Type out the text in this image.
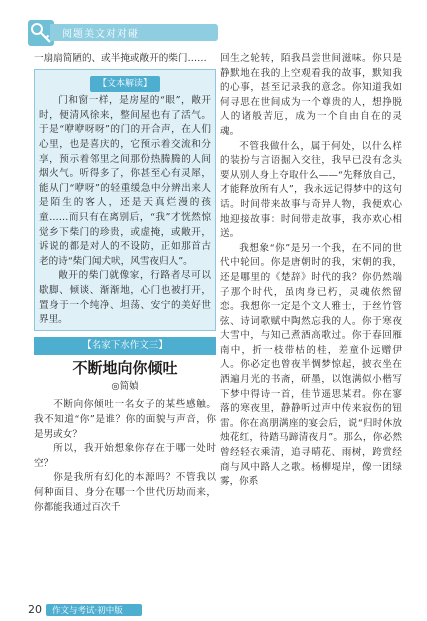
阅题美文对对碰

一扇扇简陋的、或半掩或敞开的柴门……

【文本解读】

门和窗一样，是房屋的“眼”，敞开时，便清风徐来，整间屋也有了活气。于是“咿咿呀呀”的门的开合声，在人们心里，也是喜庆的，它预示着交流和分享，预示着邻里之间那份热腾腾的人间烟火气。听得多了，你甚至心有灵犀，能从门“咿呀”的轻重缓急中分辨出来人是陌生的客人，还是天真烂漫的孩童……而只有在离别后，“我”才恍然惊觉乡下柴门的珍贵，或虚掩，或敞开，诉说的都是对人的不设防，正如那首古老的诗“柴门闻犬吠，风雪夜归人”。

敞开的柴门就像家，行路者尽可以歇脚、倾谈、渐渐地，心门也被打开，置身于一个纯净、坦荡、安宁的美好世界里。

【名家下水作文三】
不断地向你倾吐
◎简媜

不断向你倾吐一名女子的某些感触。我不知道“你”是谁？你的面貌与声音，你是男或女？

所以，我开始想象你存在于哪一处时空？

你是我所有幻化的本源吗？不管我以何种面目、身分在哪一个世代历劫而来，你都能我通过百次千

回生之轮转，陌我昌尝世间滋味。你只是静默地在我的上空观看我的故事，默知我的心事，甚至记录我的意念。你知道我如何寻思在世间成为一个尊贵的人，想挣脱人的诸般苦厄，成为一个自由自在的灵魂。

不管我做什么，属于何处，以什么样的装扮与言语掘入交往，我早已没有念头要从别人身上夺取什么——“先释放自己，才能释放所有人”，我永远记得梦中的这句话。时间带来故事与奇异人物，我便欢心地迎接故事：时间带走故事，我亦欢心相送。

我想象“你”是另一个我，在不同的世代中轮回。你是唐朝时的我，宋朝的我，还是哪里的《楚辞》时代的我？你仍然端子那个时代，虽肉身已朽，灵魂依然留恋。我想你一定是个文人雅士，于丝竹管弦、诗词歌赋中陶然忘我的人。你于寒夜大雪中，与知己煮酒高歌过。你于春回雁南中，折一枝带枯的桂，差童仆远赠伊人。你必定也曾夜半惆梦惊起，披衣坐在洒遍月光的书斋，研墨，以饱满似小楷写下梦中得诗一首，佳节遥思某君。你在寥落的寒夜里，静静听过声中传来寂伤的钮雷。你在高朋满座的宴会后，说“归时休放烛花红，待踏马蹄清夜月”。那么，你必然曾经轻衣乘清，追寻晴花、雨树，跨赏经商与风中路人之歌。杨柳堤岸，像一团绿雾，你系

20 作文与考试·初中版
